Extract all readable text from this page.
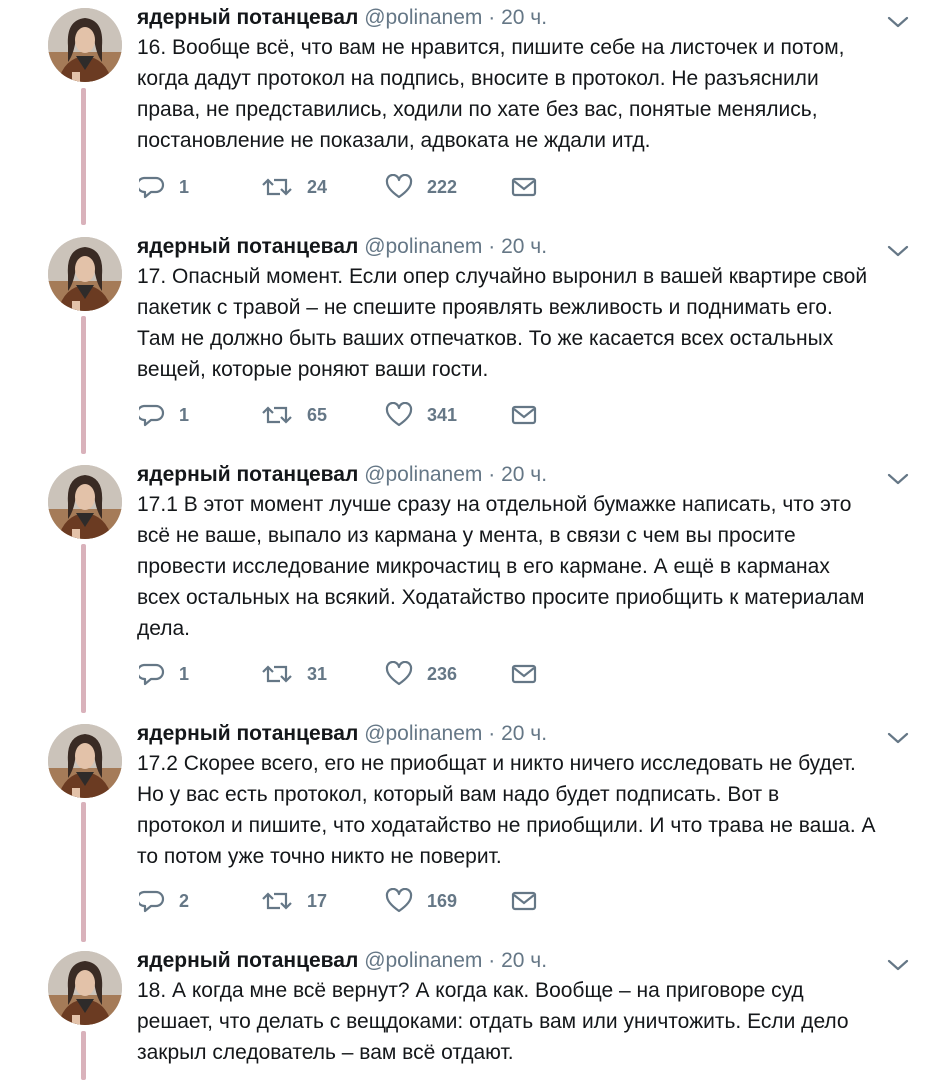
ядерный потанцевал @polinanem · 20 ч.
16. Вообще всё, что вам не нравится, пишите себе на листочек и потом,
когда дадут протокол на подпись, вносите в протокол. Не разъяснили
права, не представились, ходили по хате без вас, понятые менялись,
постановление не показали, адвоката не ждали итд.
1	24	222
ядерный потанцевал @polinanem · 20 ч.
17. Опасный момент. Если опер случайно выронил в вашей квартире свой
пакетик с травой – не спешите проявлять вежливость и поднимать его.
Там не должно быть ваших отпечатков. То же касается всех остальных
вещей, которые роняют ваши гости.
1	65	341
ядерный потанцевал @polinanem · 20 ч.
17.1 В этот момент лучше сразу на отдельной бумажке написать, что это
всё не ваше, выпало из кармана у мента, в связи с чем вы просите
провести исследование микрочастиц в его кармане. А ещё в карманах
всех остальных на всякий. Ходатайство просите приобщить к материалам
дела.
1	31	236
ядерный потанцевал @polinanem · 20 ч.
17.2 Скорее всего, его не приобщат и никто ничего исследовать не будет.
Но у вас есть протокол, который вам надо будет подписать. Вот в
протокол и пишите, что ходатайство не приобщили. И что трава не ваша. А
то потом уже точно никто не поверит.
2	17	169
ядерный потанцевал @polinanem · 20 ч.
18. А когда мне всё вернут? А когда как. Вообще – на приговоре суд
решает, что делать с вещдоками: отдать вам или уничтожить. Если дело
закрыл следователь – вам всё отдают.
